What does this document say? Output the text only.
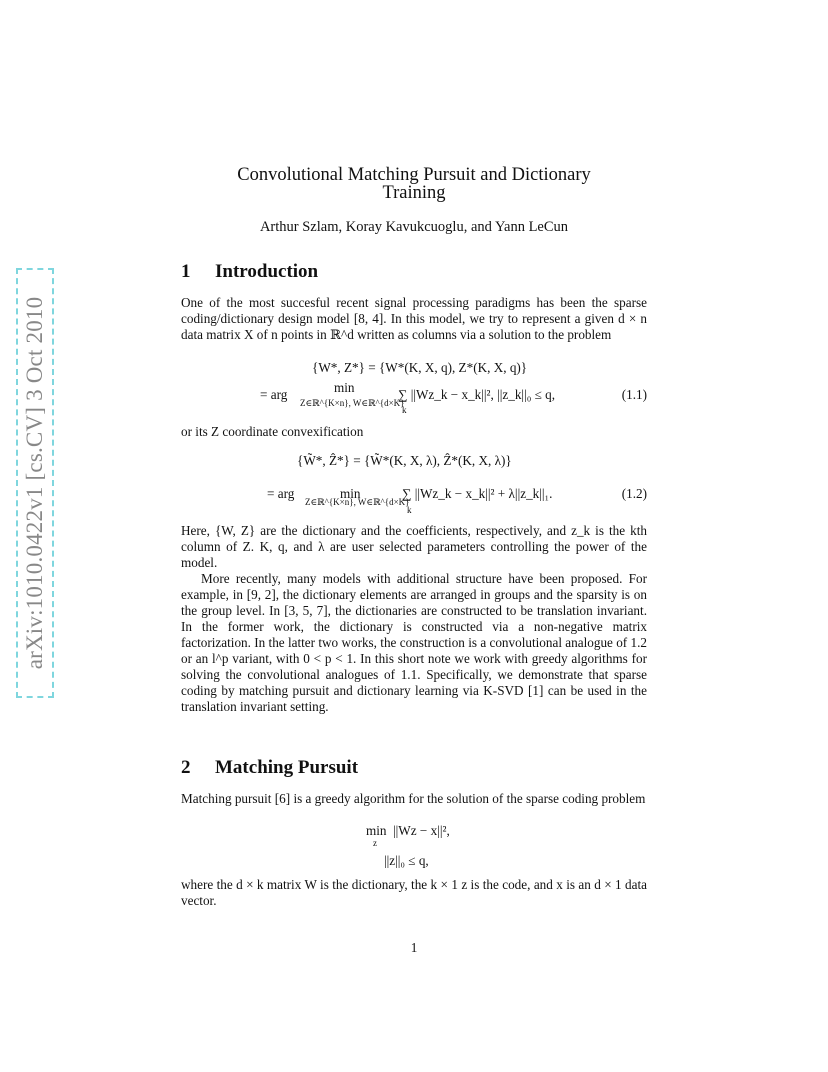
arXiv:1010.0422v1 [cs.CV] 3 Oct 2010
Convolutional Matching Pursuit and Dictionary
Training
Arthur Szlam, Koray Kavukcuoglu, and Yann LeCun
1 Introduction
One of the most succesful recent signal processing paradigms has been the sparse coding/dictionary design model [8, 4]. In this model, we try to represent a given d × n data matrix X of n points in ℝ^d written as columns via a solution to the problem
{W*, Z*} = {W*(K, X, q), Z*(K, X, q)}
= arg	min
Z∈ℝ^{K×n}, W∈ℝ^{d×K}
∑ ||Wz_k − x_k||², ||z_k||₀ ≤ q,
k
(1.1)
or its Z coordinate convexification
{W̃*, Ẑ*} = {W̃*(K, X, λ), Ẑ*(K, X, λ)}
= arg	min
Z∈ℝ^{K×n}, W∈ℝ^{d×K}
∑ ||Wz_k − x_k||² + λ||z_k||₁.
k
(1.2)
Here, {W, Z} are the dictionary and the coefficients, respectively, and z_k is the kth column of Z. K, q, and λ are user selected parameters controlling the power of the model.
More recently, many models with additional structure have been proposed. For example, in [9, 2], the dictionary elements are arranged in groups and the sparsity is on the group level. In [3, 5, 7], the dictionaries are constructed to be translation invariant. In the former work, the dictionary is constructed via a non-negative matrix factorization. In the latter two works, the construction is a convolutional analogue of 1.2 or an l^p variant, with 0 < p < 1. In this short note we work with greedy algorithms for solving the convolutional analogues of 1.1. Specifically, we demonstrate that sparse coding by matching pursuit and dictionary learning via K-SVD [1] can be used in the translation invariant setting.
2 Matching Pursuit
Matching pursuit [6] is a greedy algorithm for the solution of the sparse coding problem
min
z
||Wz − x||²,
||z||₀ ≤ q,
where the d × k matrix W is the dictionary, the k × 1 z is the code, and x is an d × 1 data vector.
1
